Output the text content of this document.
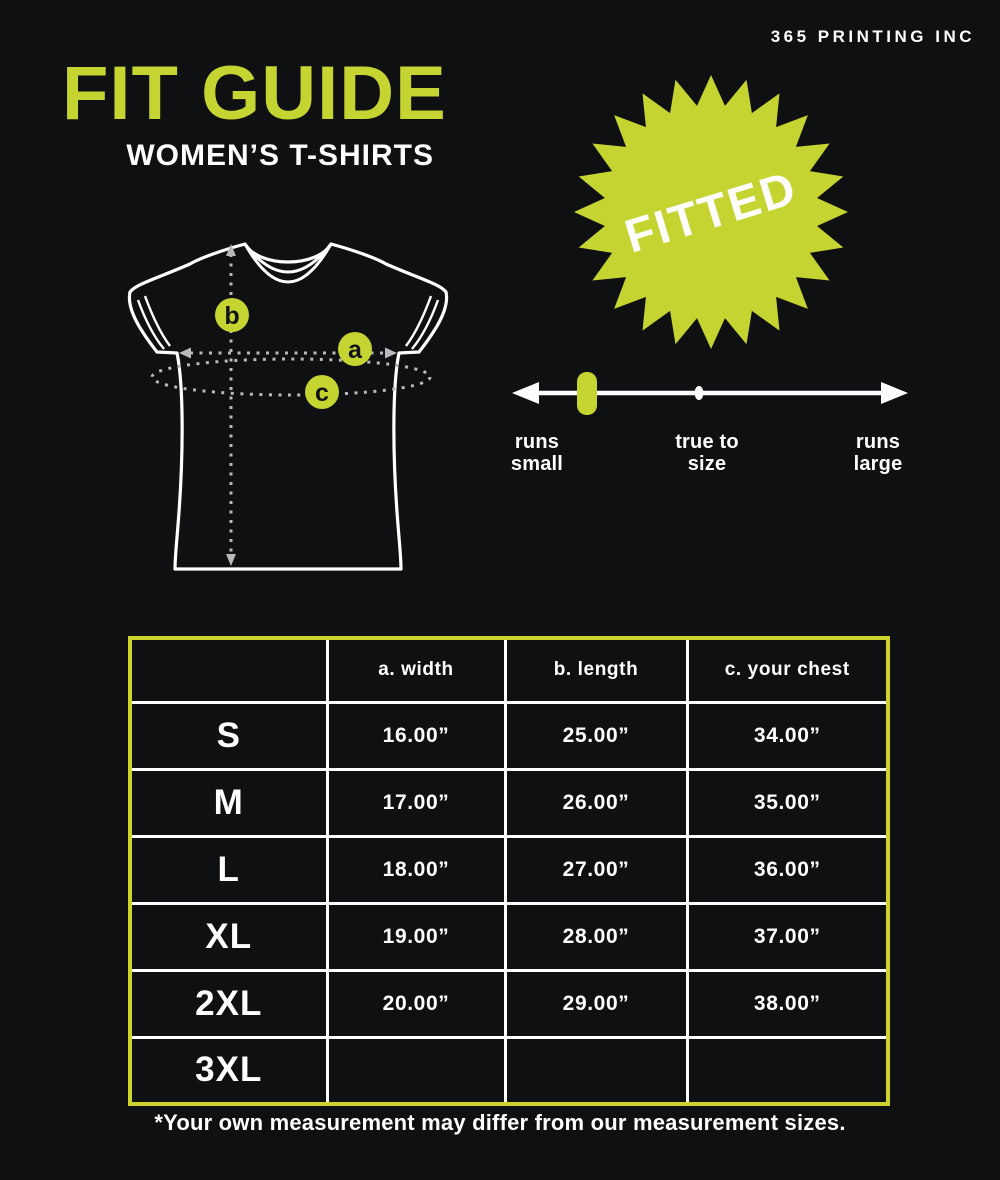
365 PRINTING INC
FIT GUIDE
WOMEN’S T-SHIRTS
b
a
c
FITTED
runs small
true to size
runs large
	a. width	b. length	c. your chest
S	16.00”	25.00”	34.00”
M	17.00”	26.00”	35.00”
L	18.00”	27.00”	36.00”
XL	19.00”	28.00”	37.00”
2XL	20.00”	29.00”	38.00”
3XL			
*Your own measurement may differ from our measurement sizes.
